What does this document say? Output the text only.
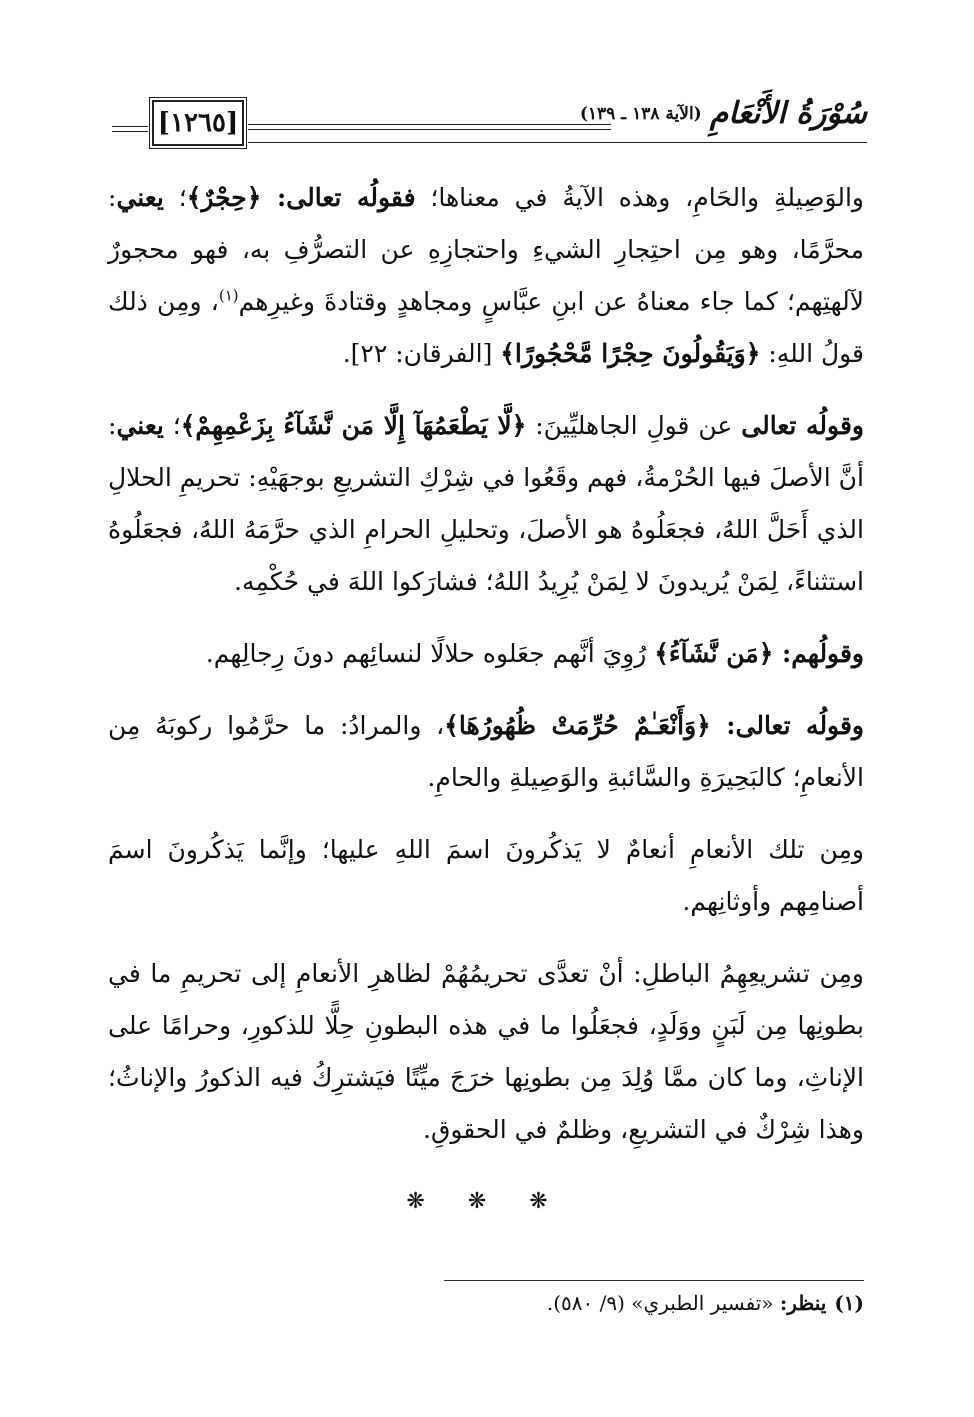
[١٢٦٥]	سُوْرَةُ الأَنْعَامِ
(الآية ١٣٨ ـ ١٣٩)

والوَصِيلةِ والحَامِ، وهذه الآيةُ في معناها؛ فقولُه تعالى: ﴿حِجْرٌ﴾؛ يعني: محرَّمًا، وهو مِن احتِجارِ الشيءِ واحتجازِهِ عن التصرُّفِ به، فهو محجورٌ لآلهتِهم؛ كما جاء معناهُ عن ابنِ عبَّاسٍ ومجاهدٍ وقتادةَ وغيرِهم$^{(١)}$، ومِن ذلك قولُ اللهِ: ﴿وَيَقُولُونَ حِجْرًا مَّحْجُورًا﴾ [الفرقان: ٢٢].

وقولُه تعالى عن قولِ الجاهليِّينَ: ﴿لَّا يَطْعَمُهَآ إِلَّا مَن نَّشَآءُ بِزَعْمِهِمْ﴾؛ يعني: أنَّ الأصلَ فيها الحُرْمةُ، فهم وقَعُوا في شِرْكِ التشريعِ بوجهَيْهِ: تحريمِ الحلالِ الذي أَحَلَّ اللهُ، فجعَلُوهُ هو الأصلَ، وتحليلِ الحرامِ الذي حرَّمَهُ اللهُ، فجعَلُوهُ استثناءً، لِمَنْ يُريدونَ لا لِمَنْ يُرِيدُ اللهُ؛ فشارَكوا اللهَ في حُكْمِه.

وقولُهم: ﴿مَن نَّشَآءُ﴾ رُوِيَ أنَّهم جعَلوه حلالًا لنسائِهم دونَ رِجالِهم.

وقولُه تعالى: ﴿وَأَنْعَـٰمٌ حُرِّمَتْ ظُهُورُهَا﴾، والمرادُ: ما حرَّمُوا ركوبَهُ مِن الأنعامِ؛ كالبَحِيرَةِ والسَّائبةِ والوَصِيلةِ والحامِ.

ومِن تلك الأنعامِ أنعامٌ لا يَذكُرونَ اسمَ اللهِ عليها؛ وإنَّما يَذكُرونَ اسمَ أصنامِهم وأوثانِهم.

ومِن تشريعِهِمُ الباطلِ: أنْ تعدَّى تحريمُهُمْ لظاهرِ الأنعامِ إلى تحريمِ ما في بطونِها مِن لَبَنٍ ووَلَدٍ، فجعَلُوا ما في هذه البطونِ حِلًّا للذكورِ، وحرامًا على الإناثِ، وما كان ممَّا وُلِدَ مِن بطونِها خرَجَ ميِّتًا فيَشترِكُ فيه الذكورُ والإناثُ؛ وهذا شِرْكٌ في التشريعِ، وظلمٌ في الحقوقِ.

❋ ❋ ❋
(١)ينظر: «تفسير الطبري» (٩/ ٥٨٠).
